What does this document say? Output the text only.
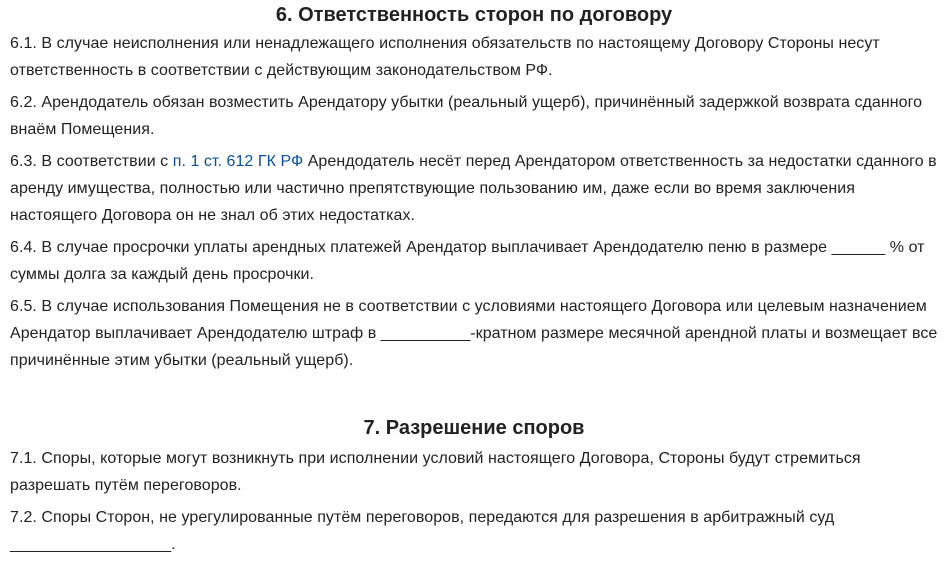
6. Ответственность сторон по договору

6.1. В случае неисполнения или ненадлежащего исполнения обязательств по настоящему Договору Стороны несут ответственность в соответствии с действующим законодательством РФ.

6.2. Арендодатель обязан возместить Арендатору убытки (реальный ущерб), причинённый задержкой возврата сданного внаём Помещения.

6.3. В соответствии с п. 1 ст. 612 ГК РФ Арендодатель несёт перед Арендатором ответственность за недостатки сданного в аренду имущества, полностью или частично препятствующие пользованию им, даже если во время заключения настоящего Договора он не знал об этих недостатках.

6.4. В случае просрочки уплаты арендных платежей Арендатор выплачивает Арендодателю пеню в размере ______ % от суммы долга за каждый день просрочки.

6.5. В случае использования Помещения не в соответствии с условиями настоящего Договора или целевым назначением Арендатор выплачивает Арендодателю штраф в __________-кратном размере месячной арендной платы и возмещает все причинённые этим убытки (реальный ущерб).

7. Разрешение споров

7.1. Споры, которые могут возникнуть при исполнении условий настоящего Договора, Стороны будут стремиться разрешать путём переговоров.

7.2. Споры Сторон, не урегулированные путём переговоров, передаются для разрешения в арбитражный суд __________________.
